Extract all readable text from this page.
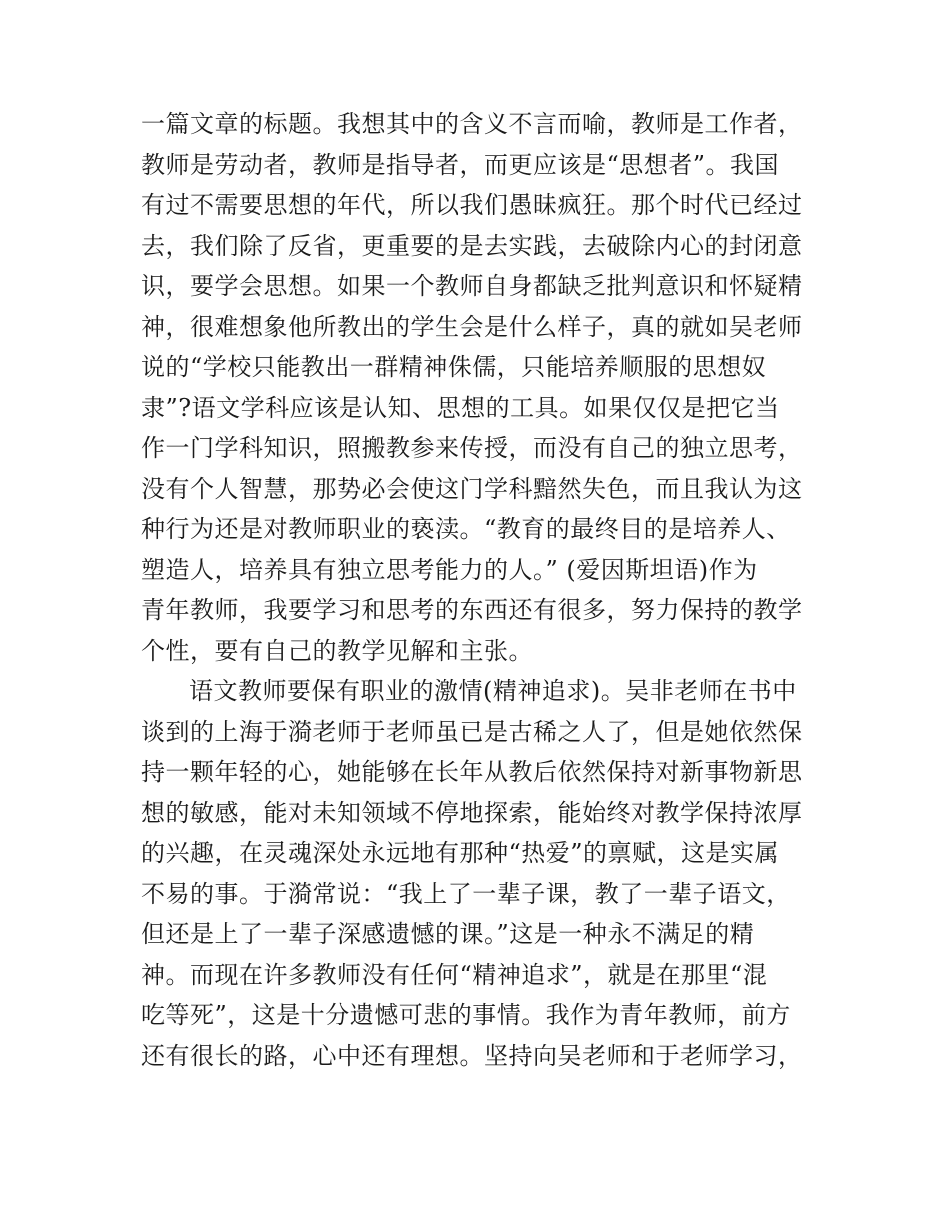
一篇文章的标题。我想其中的含义不言而喻，教师是工作者，
教师是劳动者，教师是指导者，而更应该是“思想者”。我国
有过不需要思想的年代，所以我们愚昧疯狂。那个时代已经过
去，我们除了反省，更重要的是去实践，去破除内心的封闭意
识，要学会思想。如果一个教师自身都缺乏批判意识和怀疑精
神，很难想象他所教出的学生会是什么样子，真的就如吴老师
说的“学校只能教出一群精神侏儒，只能培养顺服的思想奴
隶”?语文学科应该是认知、思想的工具。如果仅仅是把它当
作一门学科知识，照搬教参来传授，而没有自己的独立思考，
没有个人智慧，那势必会使这门学科黯然失色，而且我认为这
种行为还是对教师职业的亵渎。“教育的最终目的是培养人、
塑造人，培养具有独立思考能力的人。” (爱因斯坦语)作为
青年教师，我要学习和思考的东西还有很多，努力保持的教学
个性，要有自己的教学见解和主张。
语文教师要保有职业的激情(精神追求)。吴非老师在书中
谈到的上海于漪老师于老师虽已是古稀之人了，但是她依然保
持一颗年轻的心，她能够在长年从教后依然保持对新事物新思
想的敏感，能对未知领域不停地探索，能始终对教学保持浓厚
的兴趣，在灵魂深处永远地有那种“热爱”的禀赋，这是实属
不易的事。于漪常说：“我上了一辈子课，教了一辈子语文，
但还是上了一辈子深感遗憾的课。”这是一种永不满足的精
神。而现在许多教师没有任何“精神追求”，就是在那里“混
吃等死”，这是十分遗憾可悲的事情。我作为青年教师，前方
还有很长的路，心中还有理想。坚持向吴老师和于老师学习，
